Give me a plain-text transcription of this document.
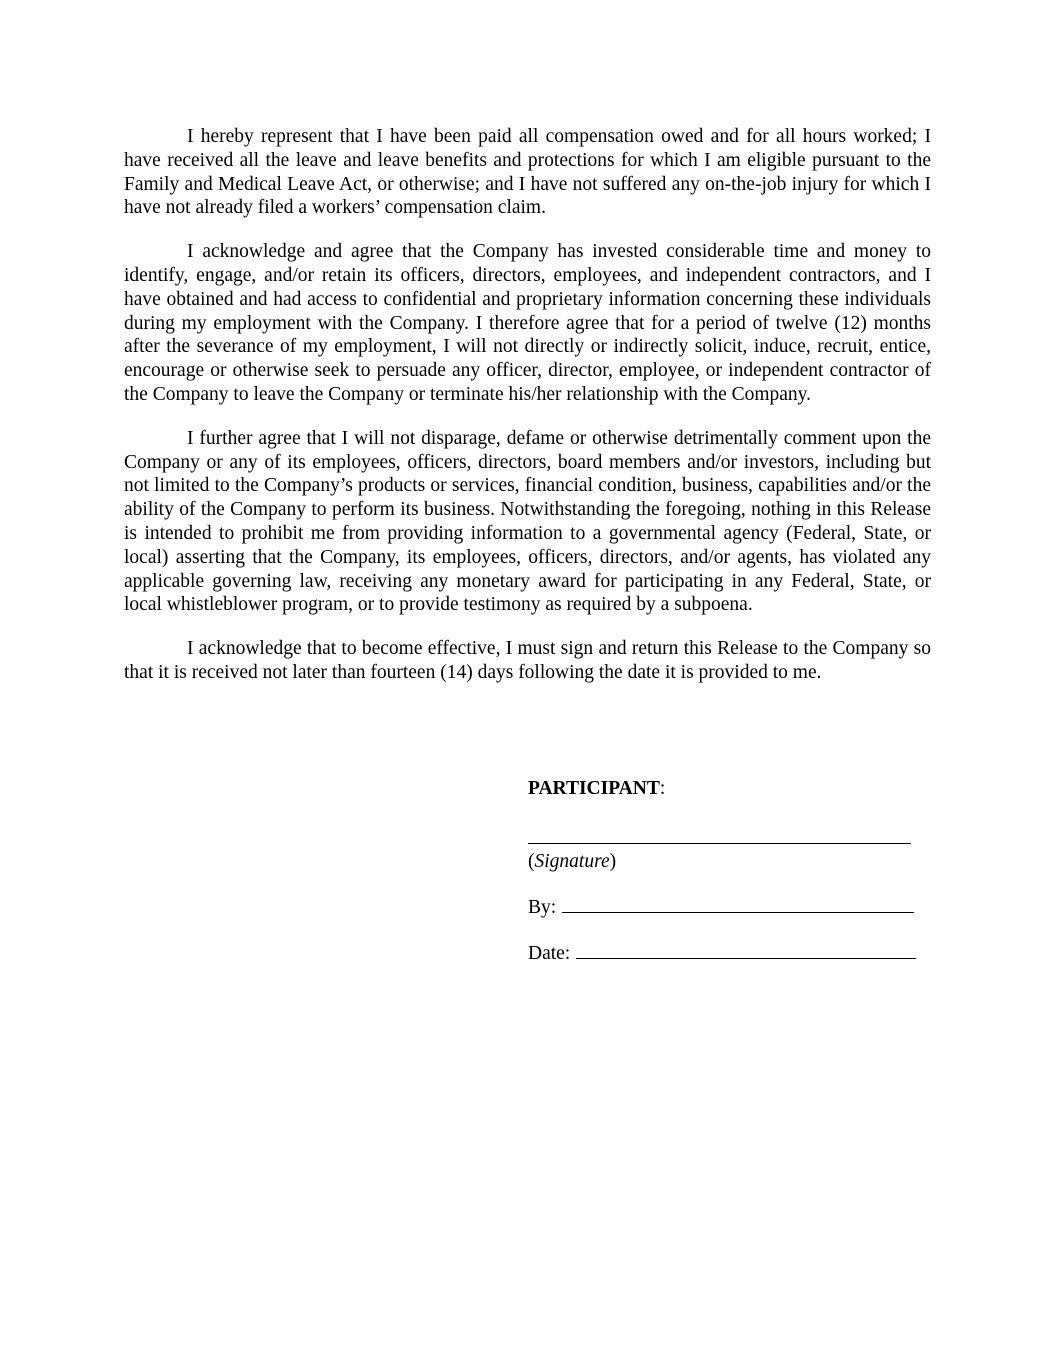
I hereby represent that I have been paid all compensation owed and for all hours worked; I have received all the leave and leave benefits and protections for which I am eligible pursuant to the Family and Medical Leave Act, or otherwise; and I have not suffered any on-the-job injury for which I have not already filed a workers’ compensation claim.

I acknowledge and agree that the Company has invested considerable time and money to identify, engage, and/or retain its officers, directors, employees, and independent contractors, and I have obtained and had access to confidential and proprietary information concerning these individuals during my employment with the Company. I therefore agree that for a period of twelve (12) months after the severance of my employment, I will not directly or indirectly solicit, induce, recruit, entice, encourage or otherwise seek to persuade any officer, director, employee, or independent contractor of the Company to leave the Company or terminate his/her relationship with the Company.

I further agree that I will not disparage, defame or otherwise detrimentally comment upon the Company or any of its employees, officers, directors, board members and/or investors, including but not limited to the Company’s products or services, financial condition, business, capabilities and/or the ability of the Company to perform its business. Notwithstanding the foregoing, nothing in this Release is intended to prohibit me from providing information to a governmental agency (Federal, State, or local) asserting that the Company, its employees, officers, directors, and/or agents, has violated any applicable governing law, receiving any monetary award for participating in any Federal, State, or local whistleblower program, or to provide testimony as required by a subpoena.

I acknowledge that to become effective, I must sign and return this Release to the Company so that it is received not later than fourteen (14) days following the date it is provided to me.

PARTICIPANT:
(Signature)
By:
Date:
